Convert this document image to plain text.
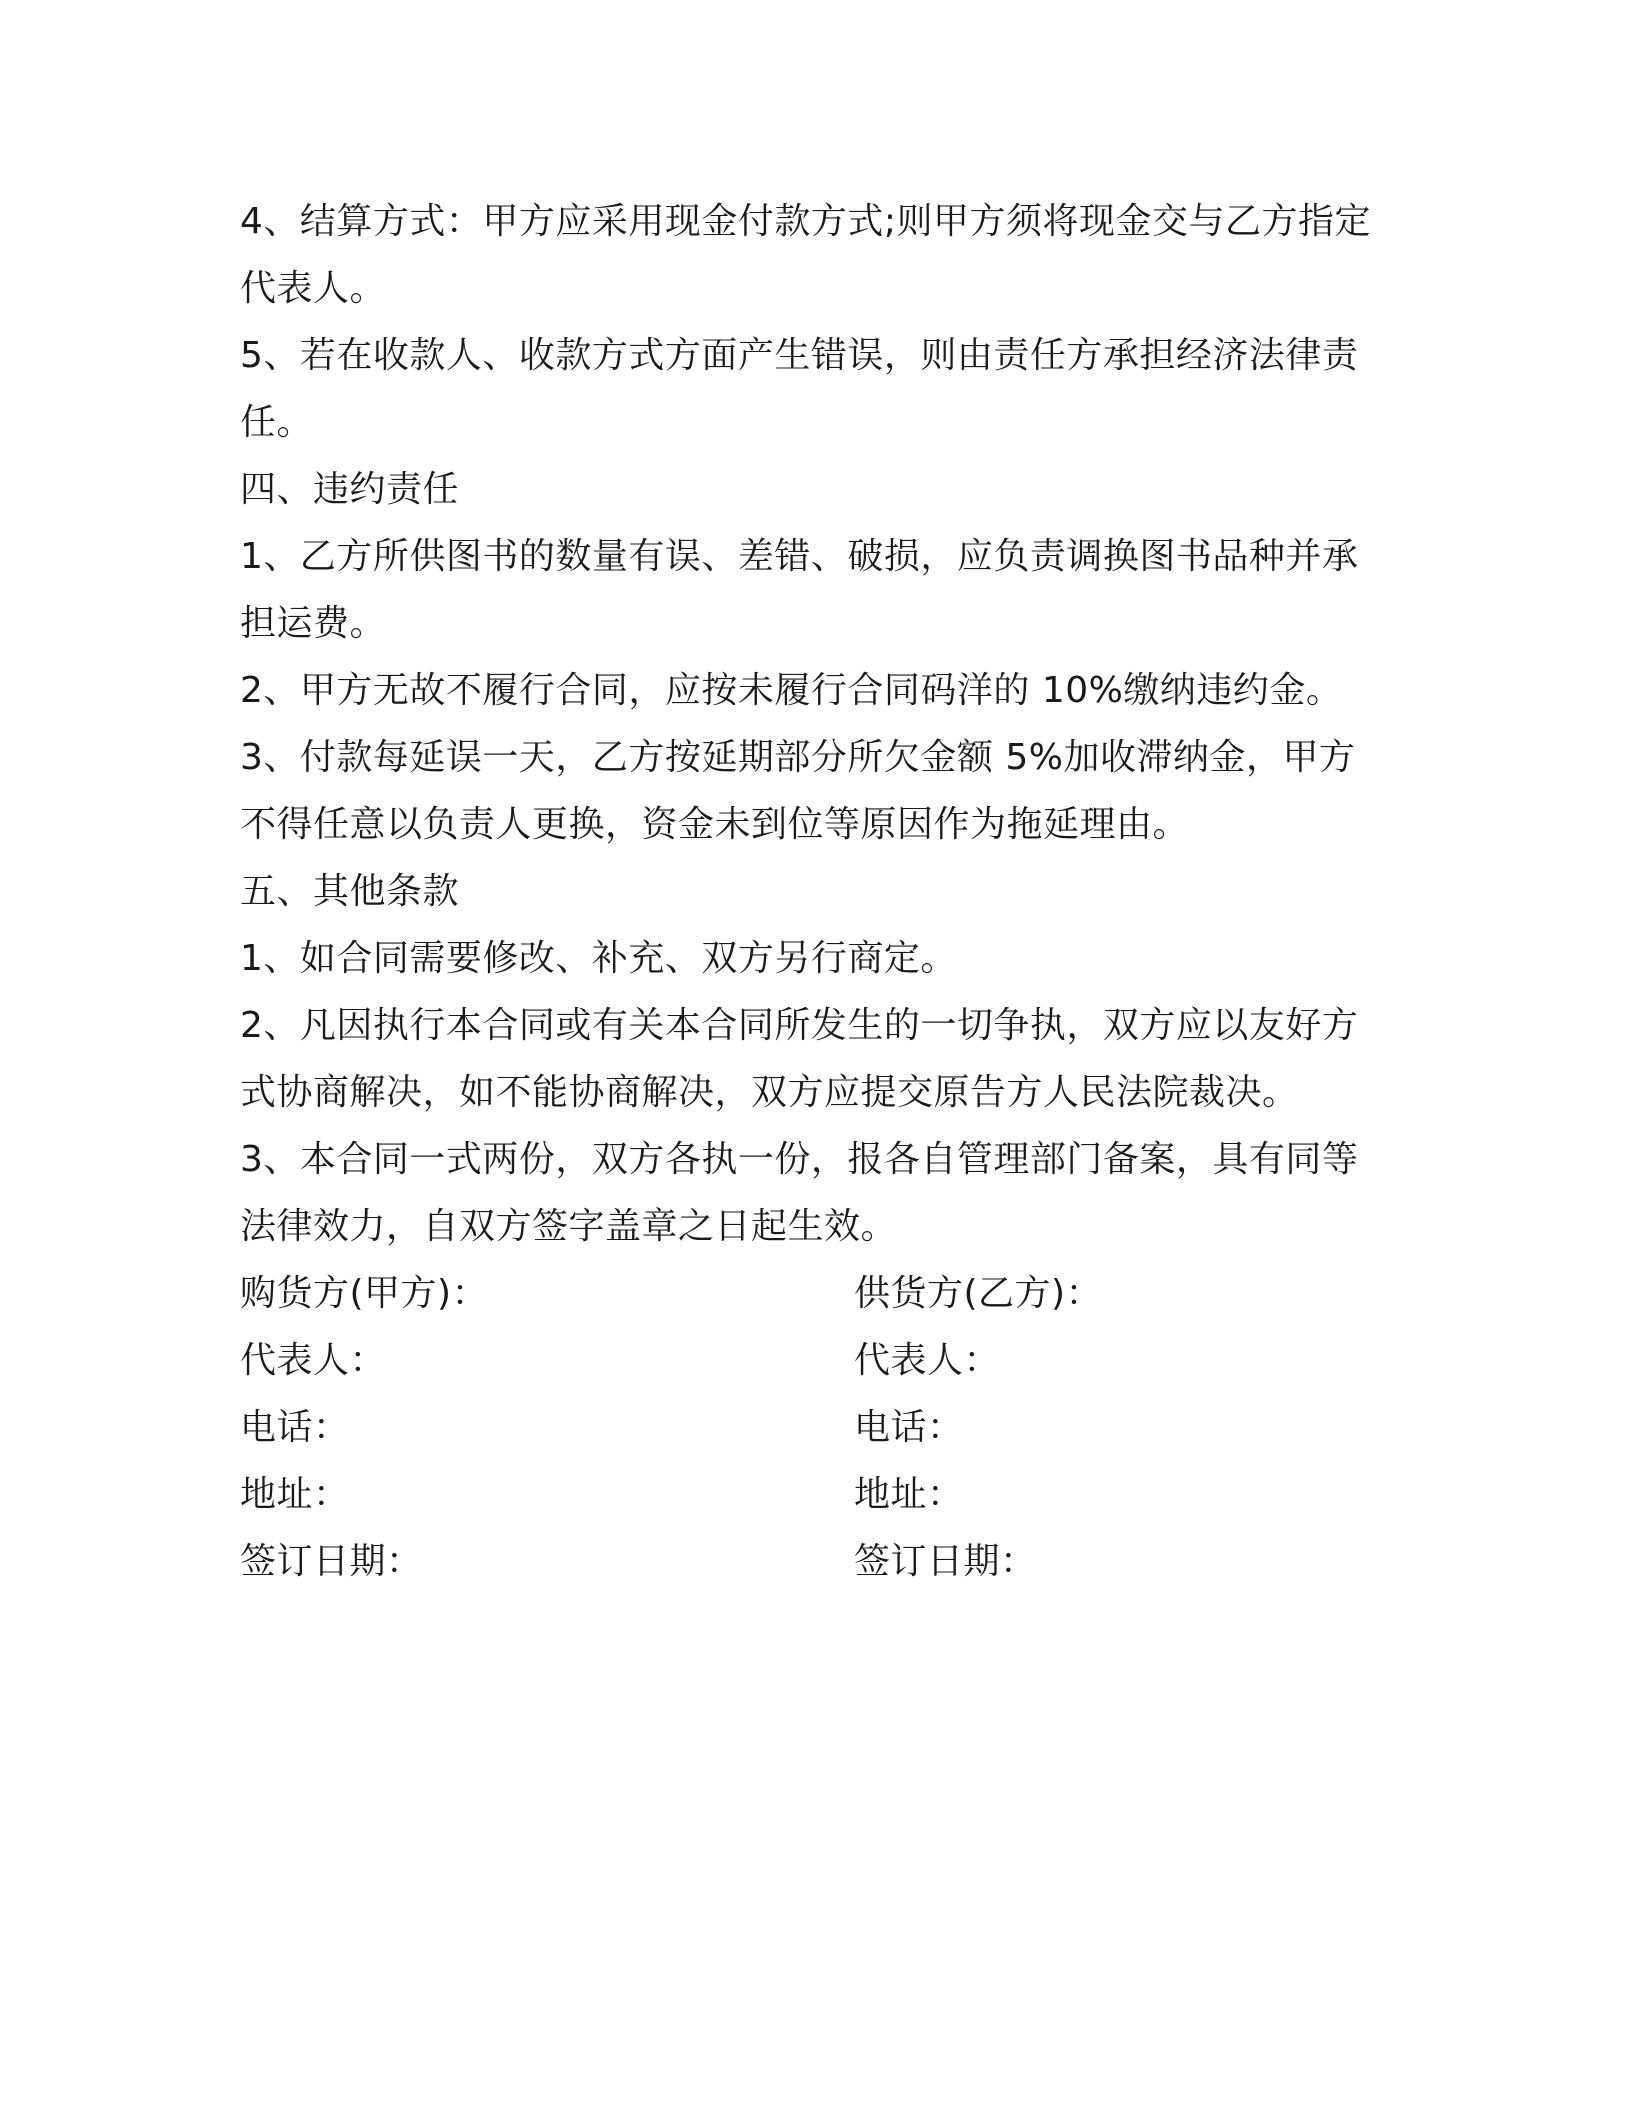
4、结算方式：甲方应采用现金付款方式;则甲方须将现金交与乙方指定代表人。

5、若在收款人、收款方式方面产生错误，则由责任方承担经济法律责任。

四、违约责任

1、乙方所供图书的数量有误、差错、破损，应负责调换图书品种并承担运费。

2、甲方无故不履行合同，应按未履行合同码洋的 10%缴纳违约金。

3、付款每延误一天，乙方按延期部分所欠金额 5%加收滞纳金，甲方不得任意以负责人更换，资金未到位等原因作为拖延理由。

五、其他条款

1、如合同需要修改、补充、双方另行商定。

2、凡因执行本合同或有关本合同所发生的一切争执，双方应以友好方式协商解决，如不能协商解决，双方应提交原告方人民法院裁决。

3、本合同一式两份，双方各执一份，报各自管理部门备案，具有同等法律效力，自双方签字盖章之日起生效。

购货方(甲方)：	供货方(乙方)：
代表人：	代表人：
电话：	电话：
地址：	地址：
签订日期：	签订日期：
